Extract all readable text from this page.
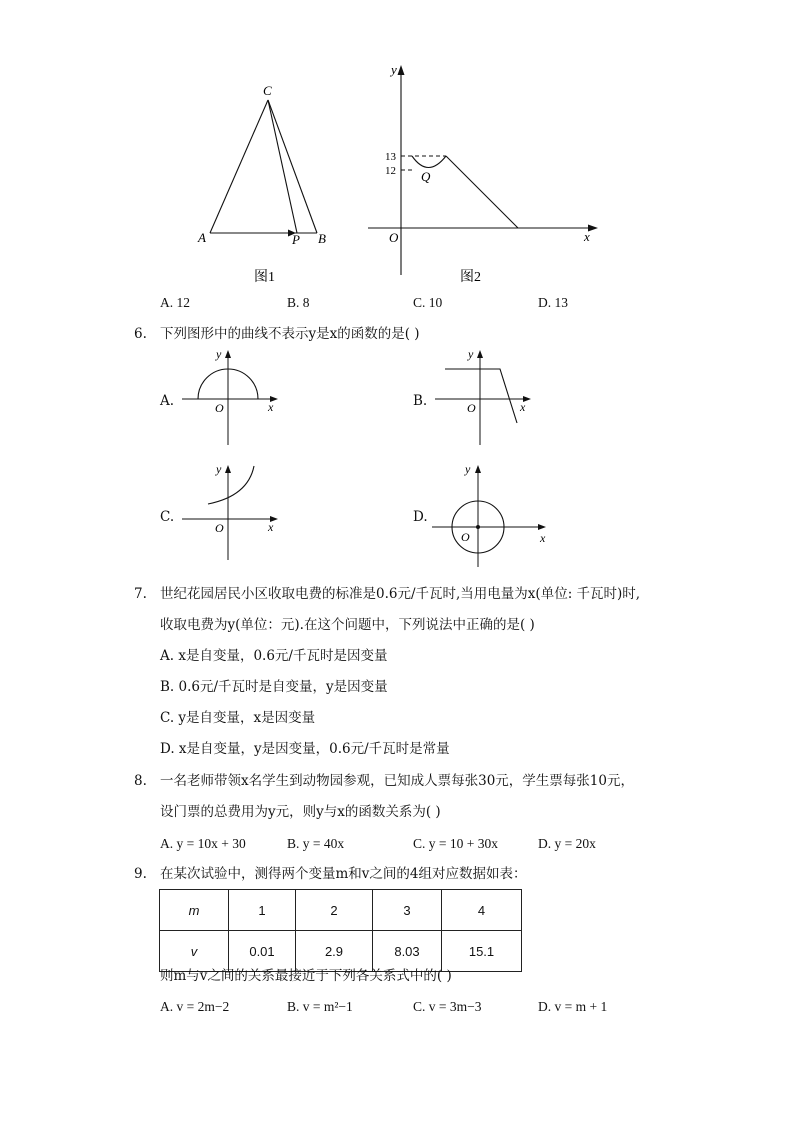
C
A	P B
图1
y
x
O
13
12 Q
图2
A. 12	B. 8	C. 10	D. 13
6. 下列图形中的曲线不表示y是x的函数的是( )
A.
y
x
O	B.
y
x
O
C.
y
x
O
D.
y
x
O
7. 世纪花园居民小区收取电费的标准是0.6元/千瓦时,当用电量为x(单位: 千瓦时)时,
收取电费为y(单位：元).在这个问题中，下列说法中正确的是( )
A. x是自变量，0.6元/千瓦时是因变量
B. 0.6元/千瓦时是自变量，y是因变量
C. y是自变量，x是因变量
D. x是自变量，y是因变量，0.6元/千瓦时是常量
8. 一名老师带领x名学生到动物园参观，已知成人票每张30元，学生票每张10元，
设门票的总费用为y元，则y与x的函数关系为( )
A. y = 10x + 30	B. y = 40x	C. y = 10 + 30x	D. y = 20x
9. 在某次试验中，测得两个变量m和v之间的4组对应数据如表：
m	1	2	3	4
v	0.01	2.9	8.03	15.1
则m与v之间的关系最接近于下列各关系式中的( )
A. v = 2m−2	B. v = m²−1	C. v = 3m−3	D. v = m + 1
